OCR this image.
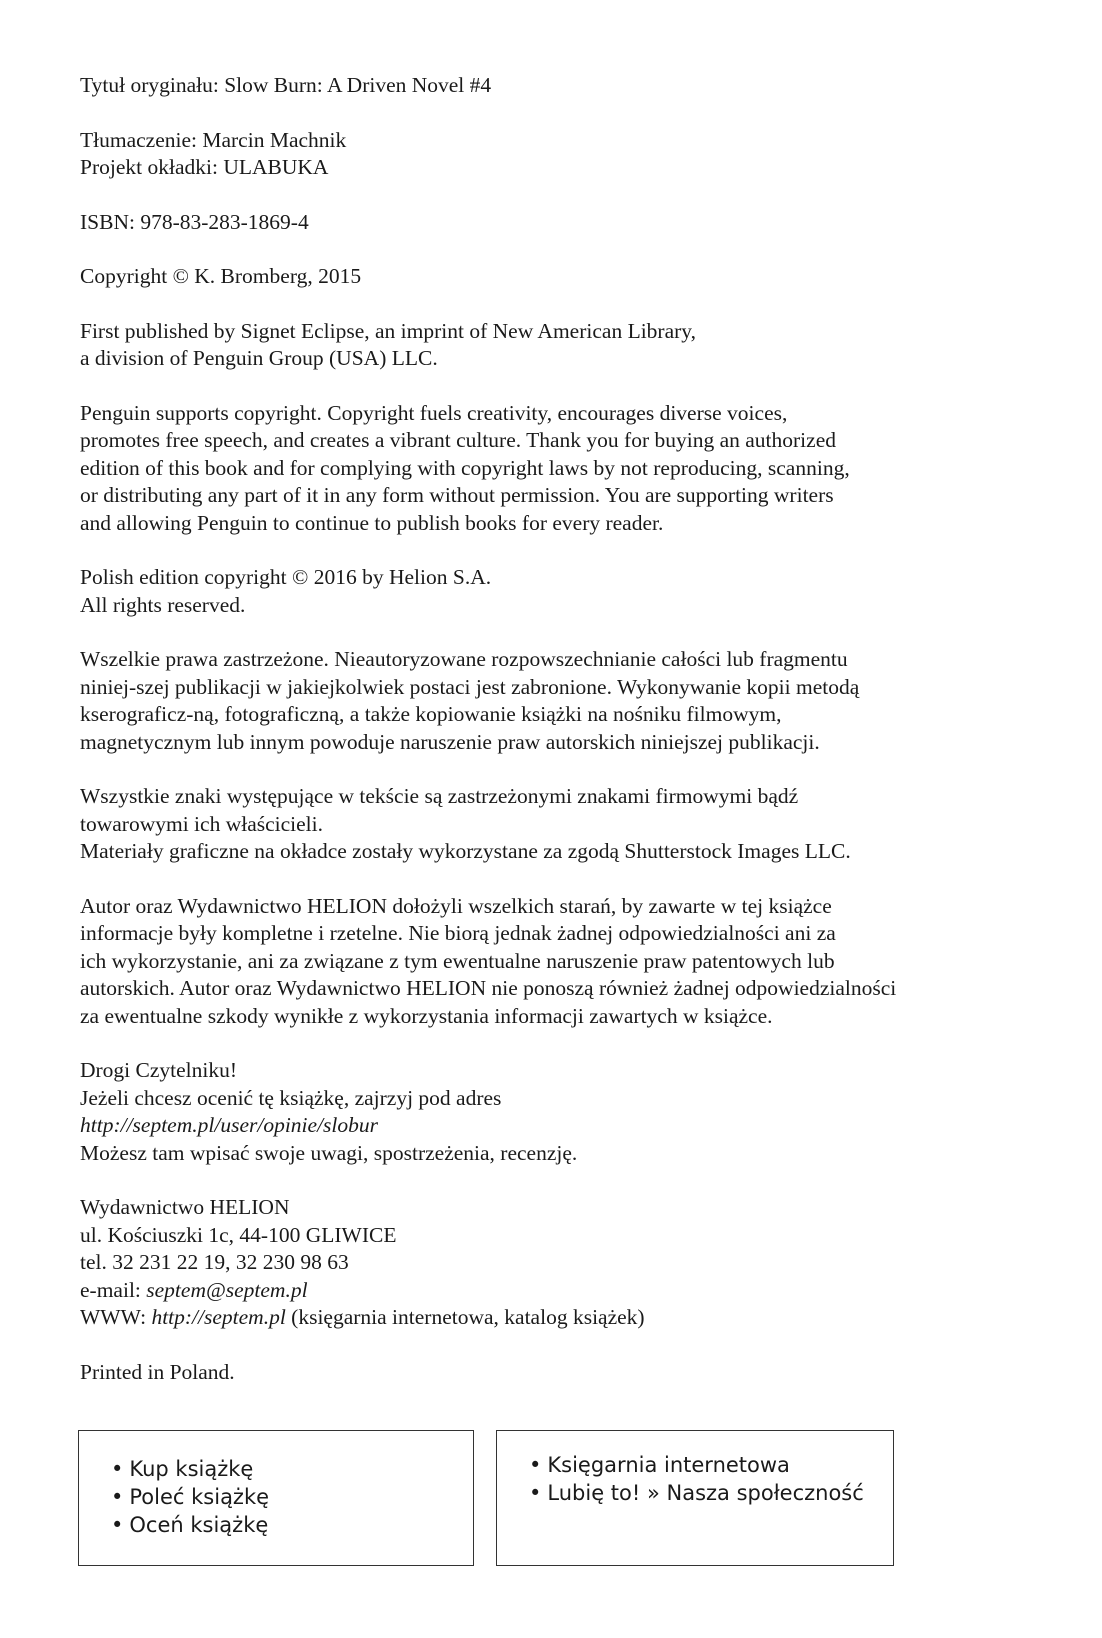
Tytuł oryginału: Slow Burn: A Driven Novel #4
Tłumaczenie: Marcin Machnik
Projekt okładki: ULABUKA
ISBN: 978-83-283-1869-4
Copyright © K. Bromberg, 2015
First published by Signet Eclipse, an imprint of New American Library,
a division of Penguin Group (USA) LLC.
Penguin supports copyright. Copyright fuels creativity, encourages diverse voices,
promotes free speech, and creates a vibrant culture. Thank you for buying an authorized
edition of this book and for complying with copyright laws by not reproducing, scanning,
or distributing any part of it in any form without permission. You are supporting writers
and allowing Penguin to continue to publish books for every reader.
Polish edition copyright © 2016 by Helion S.A.
All rights reserved.
Wszelkie prawa zastrzeżone. Nieautoryzowane rozpowszechnianie całości lub fragmentu
niniej-szej publikacji w jakiejkolwiek postaci jest zabronione. Wykonywanie kopii metodą
kserograficz-ną, fotograficzną, a także kopiowanie książki na nośniku filmowym,
magnetycznym lub innym powoduje naruszenie praw autorskich niniejszej publikacji.
Wszystkie znaki występujące w tekście są zastrzeżonymi znakami firmowymi bądź
towarowymi ich właścicieli.
Materiały graficzne na okładce zostały wykorzystane za zgodą Shutterstock Images LLC.
Autor oraz Wydawnictwo HELION dołożyli wszelkich starań, by zawarte w tej książce
informacje były kompletne i rzetelne. Nie biorą jednak żadnej odpowiedzialności ani za
ich wykorzystanie, ani za związane z tym ewentualne naruszenie praw patentowych lub
autorskich. Autor oraz Wydawnictwo HELION nie ponoszą również żadnej odpowiedzialności
za ewentualne szkody wynikłe z wykorzystania informacji zawartych w książce.
Drogi Czytelniku!
Jeżeli chcesz ocenić tę książkę, zajrzyj pod adres
http://septem.pl/user/opinie/slobur
Możesz tam wpisać swoje uwagi, spostrzeżenia, recenzję.
Wydawnictwo HELION
ul. Kościuszki 1c, 44-100 GLIWICE
tel. 32 231 22 19, 32 230 98 63
e-mail: septem@septem.pl
WWW: http://septem.pl (księgarnia internetowa, katalog książek)
Printed in Poland.
• Kup książkę
• Poleć książkę
• Oceń książkę
• Księgarnia internetowa
• Lubię to! » Nasza społeczność
